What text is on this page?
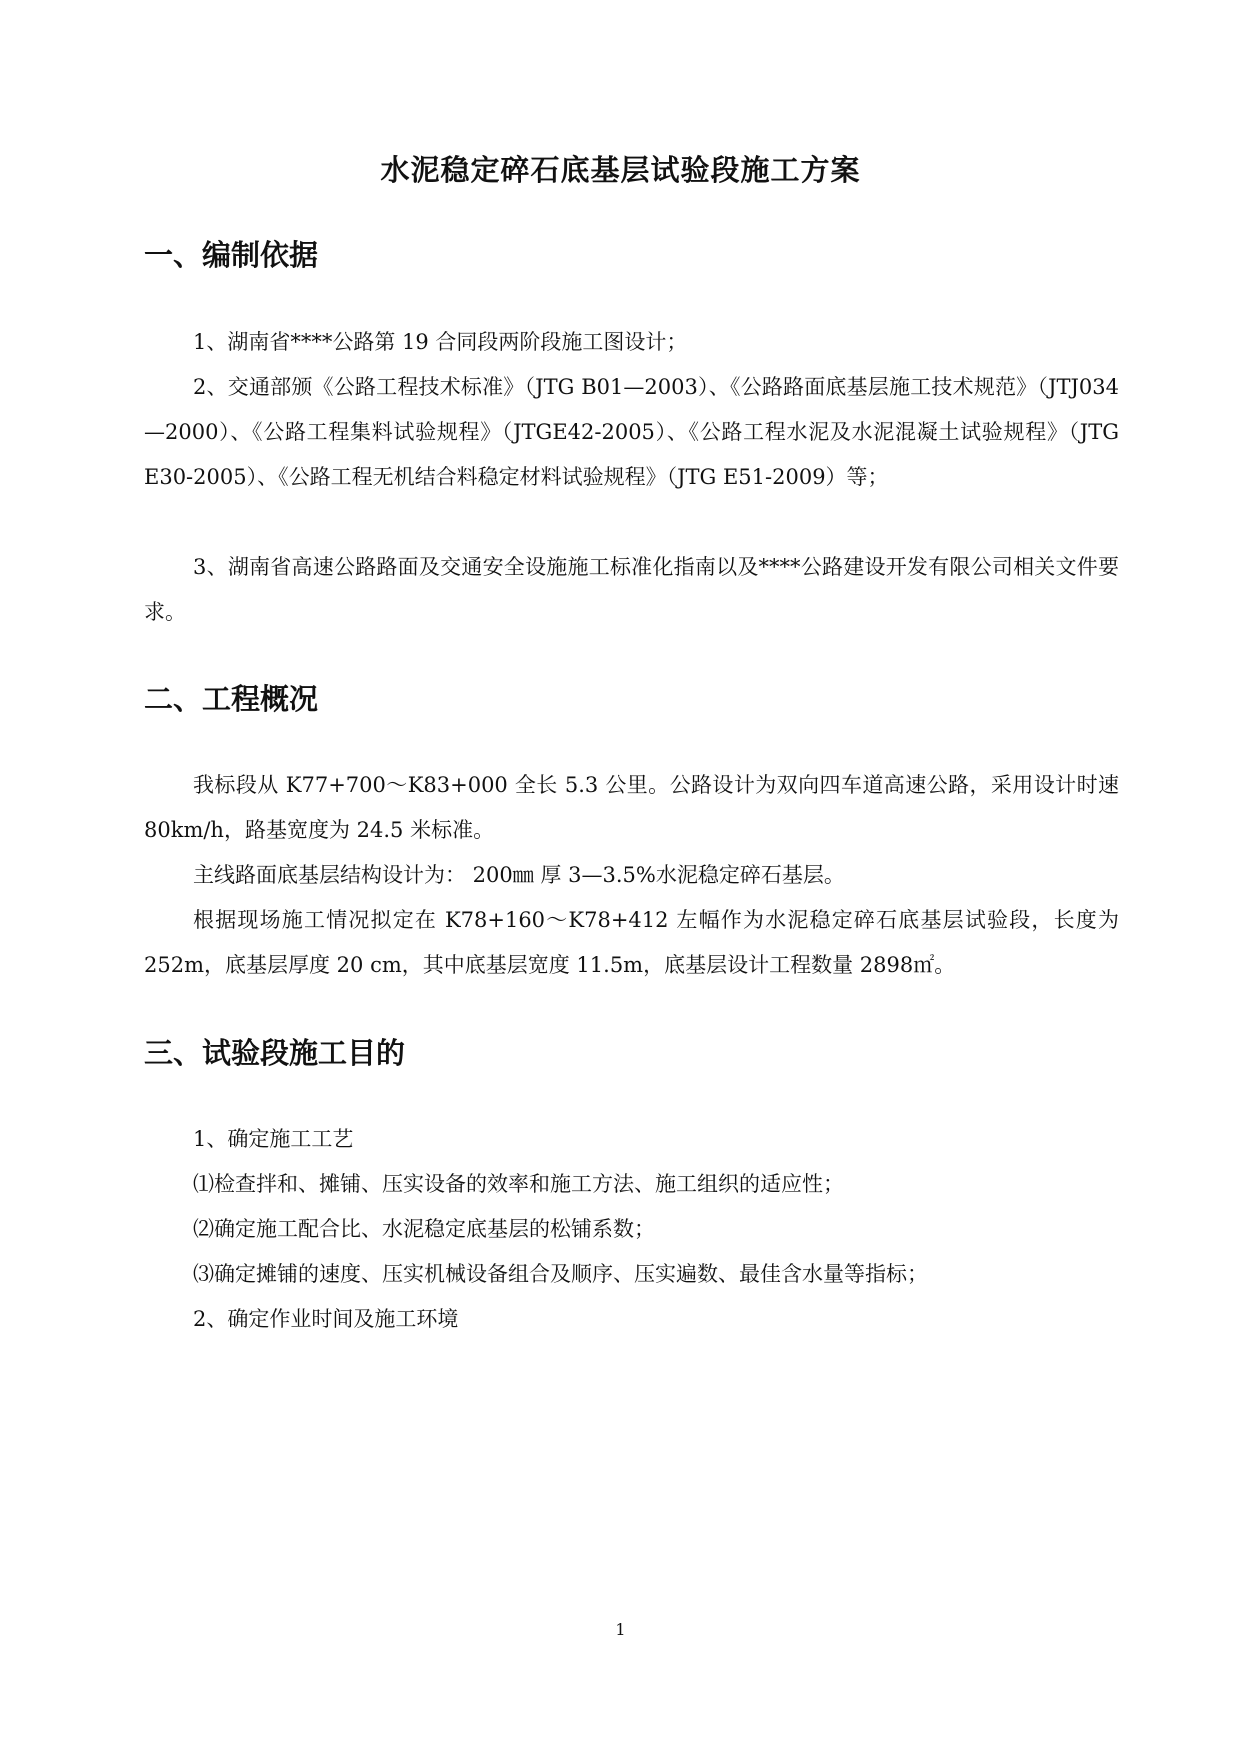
水泥稳定碎石底基层试验段施工方案
一、编制依据

1、湖南省****公路第 19 合同段两阶段施工图设计；

2、交通部颁《公路工程技术标准》（JTG B01—2003）、《公路路面底基层施工技术规范》（JTJ034—2000）、《公路工程集料试验规程》（JTGE42-2005）、《公路工程水泥及水泥混凝土试验规程》（JTG E30-2005）、《公路工程无机结合料稳定材料试验规程》（JTG E51-2009）等；

3、湖南省高速公路路面及交通安全设施施工标准化指南以及****公路建设开发有限公司相关文件要求。

二、工程概况

我标段从 K77+700～K83+000 全长 5.3 公里。公路设计为双向四车道高速公路，采用设计时速 80km/h，路基宽度为 24.5 米标准。

主线路面底基层结构设计为： 200㎜ 厚 3—3.5%水泥稳定碎石基层。

根据现场施工情况拟定在 K78+160～K78+412 左幅作为水泥稳定碎石底基层试验段，长度为 252m，底基层厚度 20 cm，其中底基层宽度 11.5m，底基层设计工程数量 2898㎡。

三、试验段施工目的

1、确定施工工艺

⑴检查拌和、摊铺、压实设备的效率和施工方法、施工组织的适应性；

⑵确定施工配合比、水泥稳定底基层的松铺系数；

⑶确定摊铺的速度、压实机械设备组合及顺序、压实遍数、最佳含水量等指标；

2、确定作业时间及施工环境

1
